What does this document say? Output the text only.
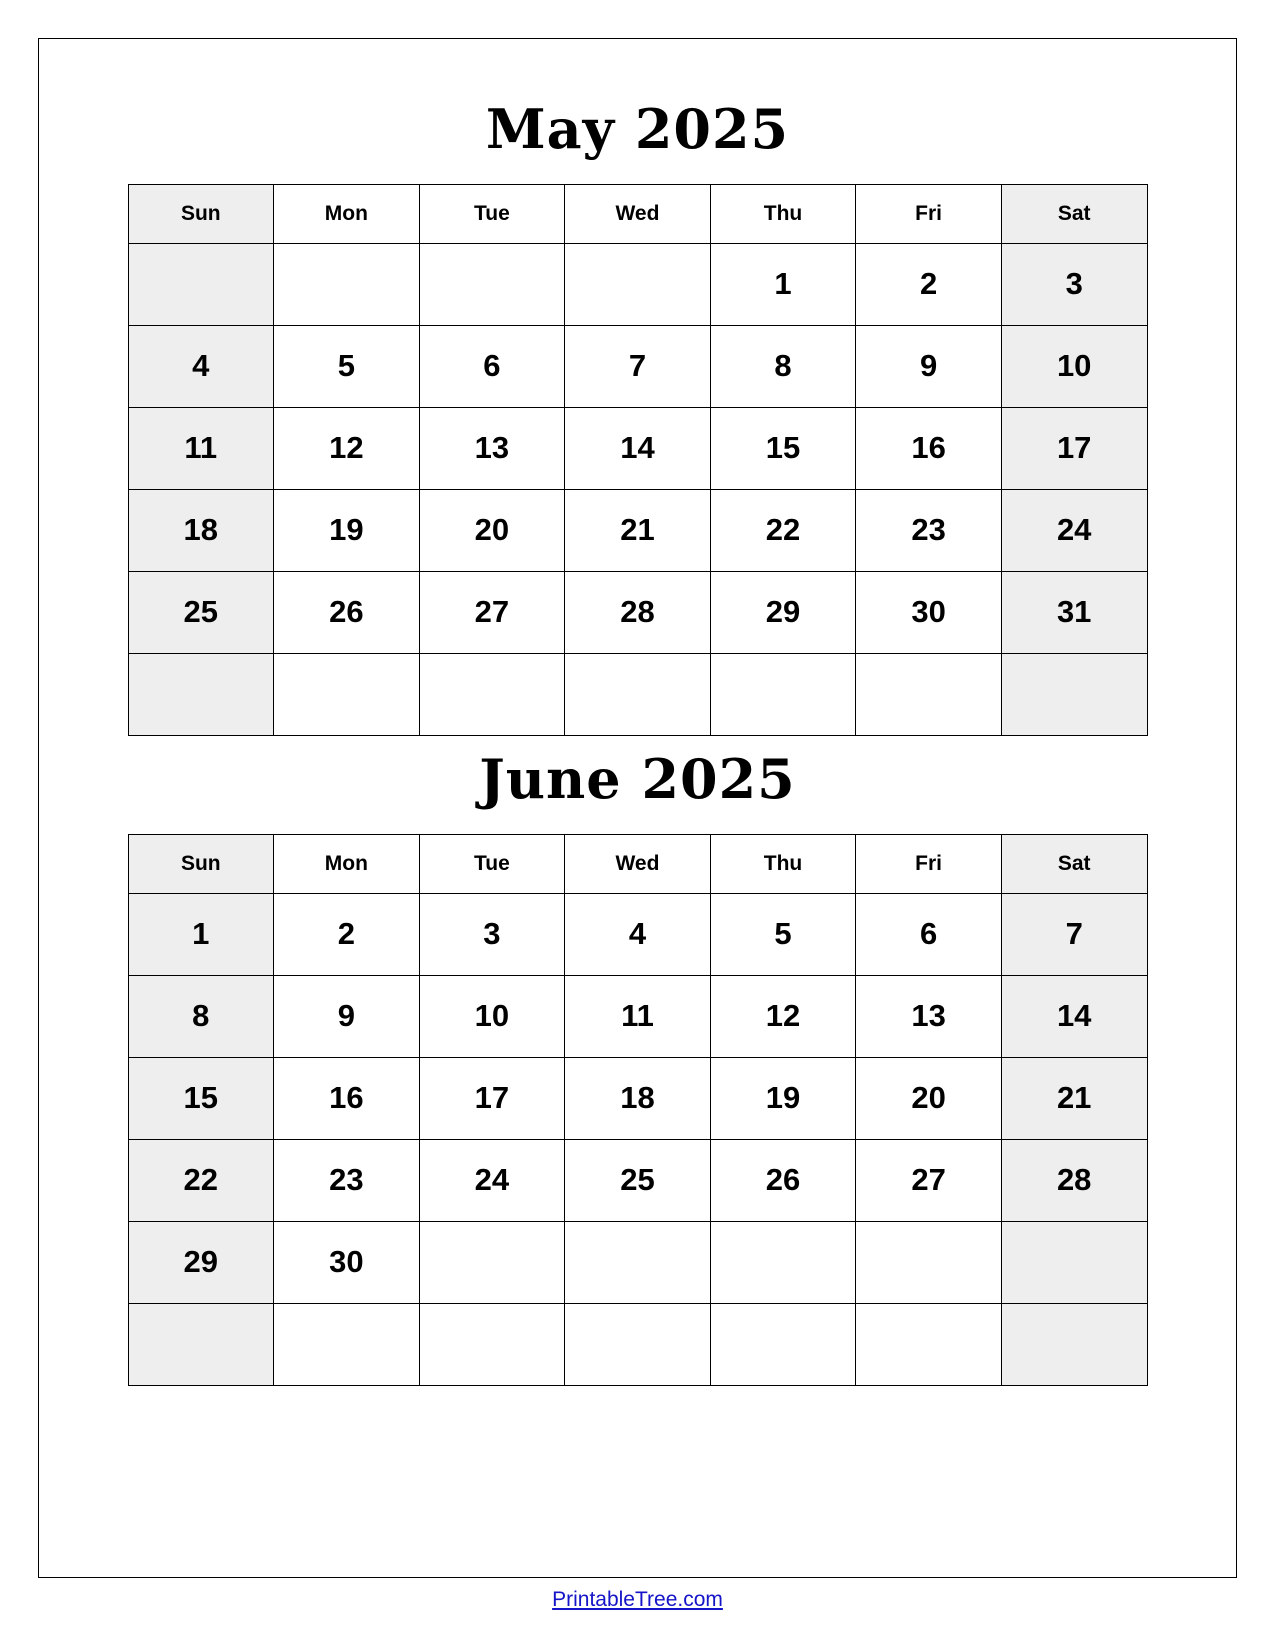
May 2025
Sun	Mon	Tue	Wed	Thu	Fri	Sat
				1	2	3
4	5	6	7	8	9	10
11	12	13	14	15	16	17
18	19	20	21	22	23	24
25	26	27	28	29	30	31

June 2025
Sun	Mon	Tue	Wed	Thu	Fri	Sat
1	2	3	4	5	6	7
8	9	10	11	12	13	14
15	16	17	18	19	20	21
22	23	24	25	26	27	28
29	30					

PrintableTree.com
